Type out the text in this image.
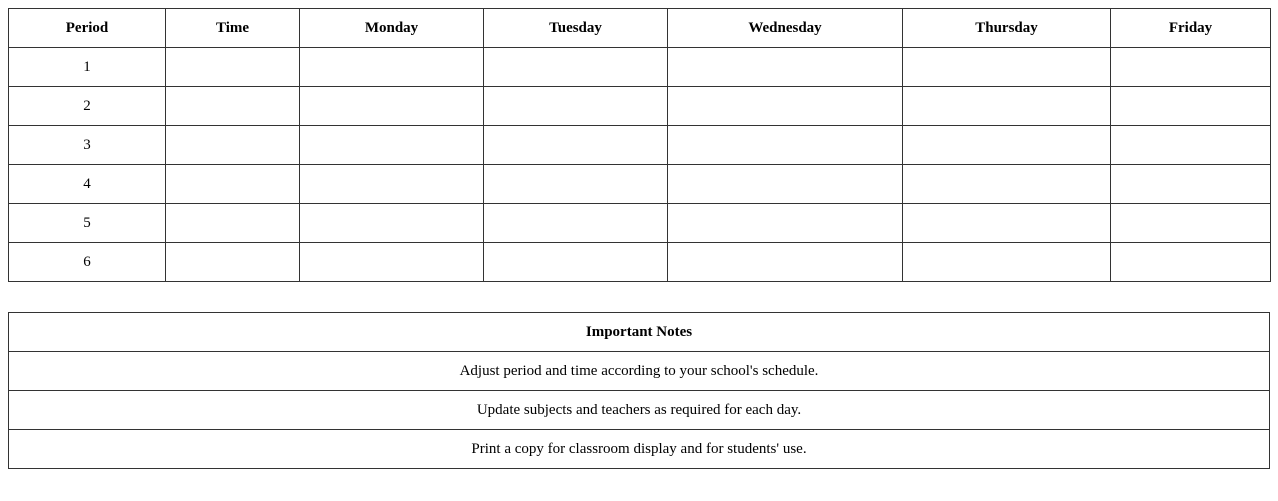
Period	Time	Monday	Tuesday	Wednesday	Thursday	Friday
1						
2						
3						
4						
5						
6						
Important Notes
Adjust period and time according to your school's schedule.
Update subjects and teachers as required for each day.
Print a copy for classroom display and for students' use.
